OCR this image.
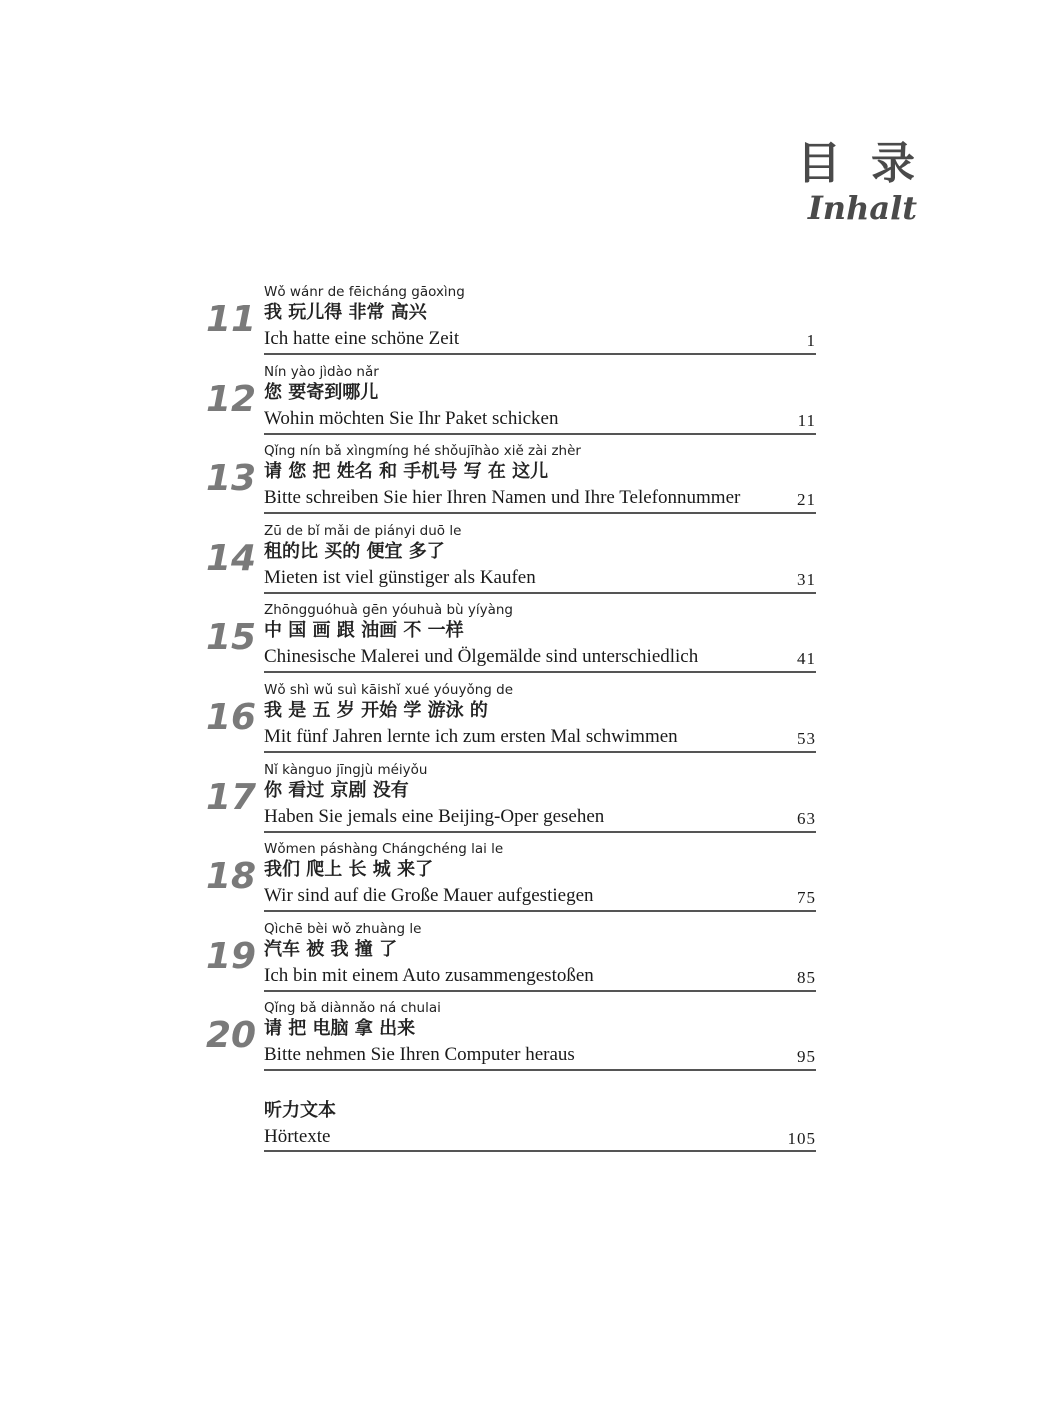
目录
Inhalt
11
Wǒ wánr de fēicháng gāoxìng
我 玩儿得 非常 高兴
Ich hatte eine schöne Zeit	1
12
Nín yào jìdào nǎr
您 要寄到哪儿
Wohin möchten Sie Ihr Paket schicken	11
13
Qǐng nín bǎ xìngmíng hé shǒujīhào xiě zài zhèr
请 您 把 姓名 和 手机号 写 在 这儿
Bitte schreiben Sie hier Ihren Namen und Ihre Telefonnummer	21
14
Zū de bǐ mǎi de piányi duō le
租的比 买的 便宜 多了
Mieten ist viel günstiger als Kaufen	31
15
Zhōngguóhuà gēn yóuhuà bù yíyàng
中 国 画 跟 油画 不 一样
Chinesische Malerei und Ölgemälde sind unterschiedlich	41
16
Wǒ shì wǔ suì kāishǐ xué yóuyǒng de
我 是 五 岁 开始 学 游泳 的
Mit fünf Jahren lernte ich zum ersten Mal schwimmen	53
17
Nǐ kànguo jīngjù méiyǒu
你 看过 京剧 没有
Haben Sie jemals eine Beijing-Oper gesehen	63
18
Wǒmen páshàng Chángchéng lai le
我们 爬上 长 城 来了
Wir sind auf die Große Mauer aufgestiegen	75
19
Qìchē bèi wǒ zhuàng le
汽车 被 我 撞 了
Ich bin mit einem Auto zusammengestoßen	85
20
Qǐng bǎ diànnǎo ná chulai
请 把 电脑 拿 出来
Bitte nehmen Sie Ihren Computer heraus	95
听力文本
Hörtexte	105
